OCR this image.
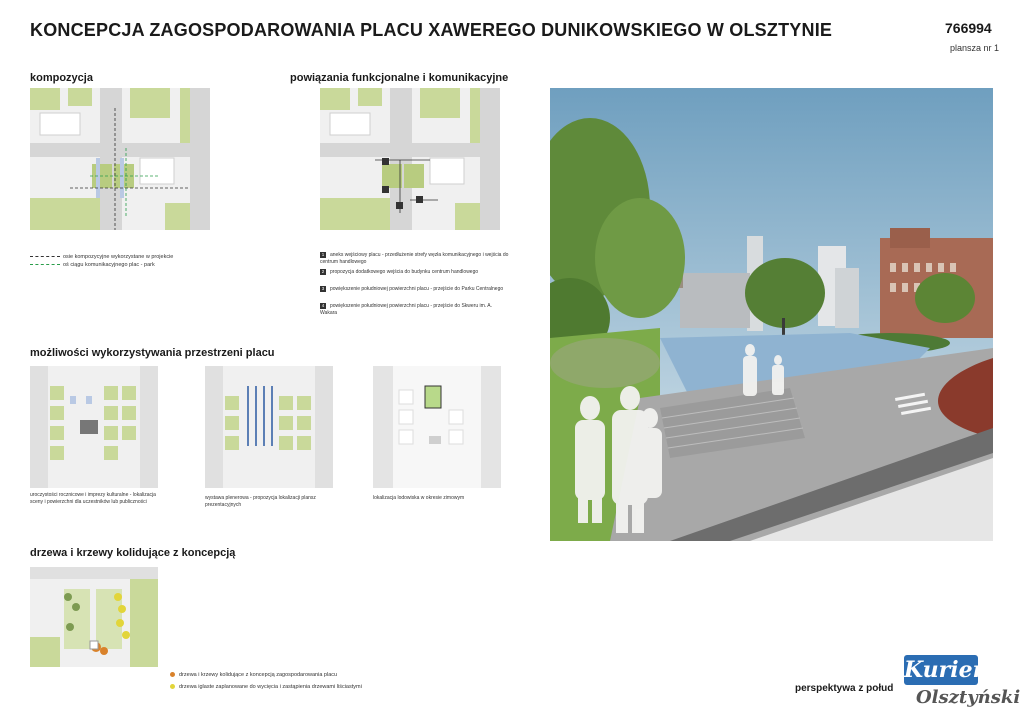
KONCEPCJA ZAGOSPODAROWANIA PLACU XAWEREGO DUNIKOWSKIEGO W OLSZTYNIE	766994
plansza nr 1
kompozycja
osie kompozycyjne wykorzystane w projekcie
oś ciągu komunikacyjnego plac - park
powiązania funkcjonalne i komunikacyjne
1 aneks wejściowy placu - przedłużenie strefy węzła komunikacyjnego i wejścia do centrum handlowego
2 propozycja dodatkowego wejścia do budynku centrum handlowego
3 powiększenie południowej powierzchni placu - przejście do Parku Centralnego
4 powiększenie południowej powierzchni placu - przejście do Skweru im. A. Wakara
możliwości wykorzystywania przestrzeni placu
uroczystości rocznicowe i imprezy kulturalne - lokalizacja sceny i powierzchni dla uczestników lub publiczności
wystawa plenerowa - propozycja lokalizacji plansz prezentacyjnych
lokalizacja lodowiska w okresie zimowym
drzewa i krzewy kolidujące z koncepcją
drzewa i krzewy kolidujące z koncepcją zagospodarowania placu
drzewa iglaste zaplanowane do wycięcia i zastąpienia drzewami liściastymi	perspektywa z połud
Kurier
Olsztyński
